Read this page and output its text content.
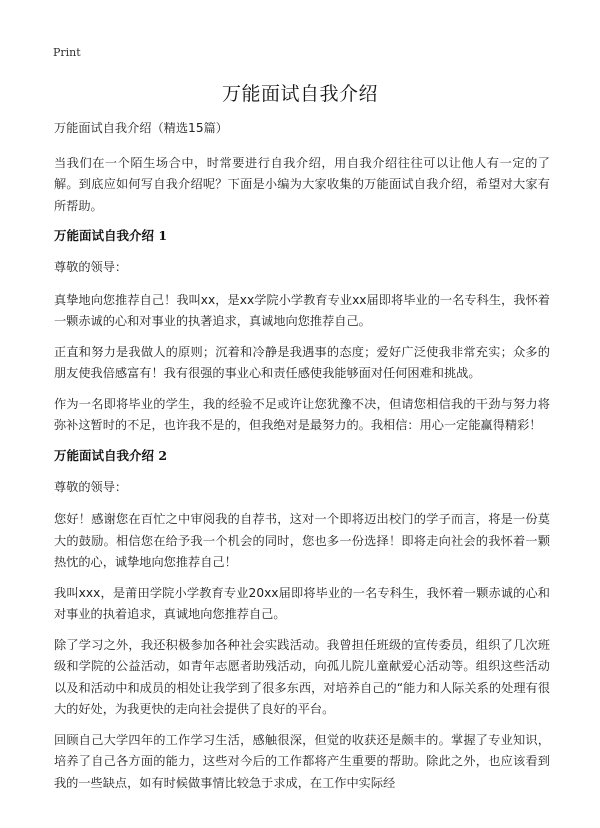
Print
万能面试自我介绍

万能面试自我介绍（精选15篇）

当我们在一个陌生场合中，时常要进行自我介绍，用自我介绍往往可以让他人有一定的了解。到底应如何写自我介绍呢？下面是小编为大家收集的万能面试自我介绍，希望对大家有所帮助。

万能面试自我介绍 1

尊敬的领导：

真挚地向您推荐自己！我叫xx，是xx学院小学教育专业xx届即将毕业的一名专科生，我怀着一颗赤诚的心和对事业的执著追求，真诚地向您推荐自己。

正直和努力是我做人的原则；沉着和冷静是我遇事的态度；爱好广泛使我非常充实；众多的朋友使我倍感富有！我有很强的事业心和责任感使我能够面对任何困难和挑战。

作为一名即将毕业的学生，我的经验不足或许让您犹豫不决，但请您相信我的干劲与努力将弥补这暂时的不足，也许我不是的，但我绝对是最努力的。我相信：用心一定能赢得精彩！

万能面试自我介绍 2

尊敬的领导：

您好！感谢您在百忙之中审阅我的自荐书，这对一个即将迈出校门的学子而言，将是一份莫大的鼓励。相信您在给予我一个机会的同时，您也多一份选择！即将走向社会的我怀着一颗热忱的心，诚挚地向您推荐自己！

我叫xxx，是莆田学院小学教育专业20xx届即将毕业的一名专科生，我怀着一颗赤诚的心和对事业的执着追求，真诚地向您推荐自己。

除了学习之外，我还积极参加各种社会实践活动。我曾担任班级的宣传委员，组织了几次班级和学院的公益活动，如青年志愿者助残活动，向孤儿院儿童献爱心活动等。组织这些活动以及和活动中和成员的相处让我学到了很多东西，对培养自己的“能力和人际关系的处理有很大的好处，为我更快的走向社会提供了良好的平台。

回顾自己大学四年的工作学习生活，感触很深，但觉的收获还是颇丰的。掌握了专业知识，培养了自己各方面的能力，这些对今后的工作都将产生重要的帮助。除此之外，也应该看到我的一些缺点，如有时候做事情比较急于求成，在工作中实际经
